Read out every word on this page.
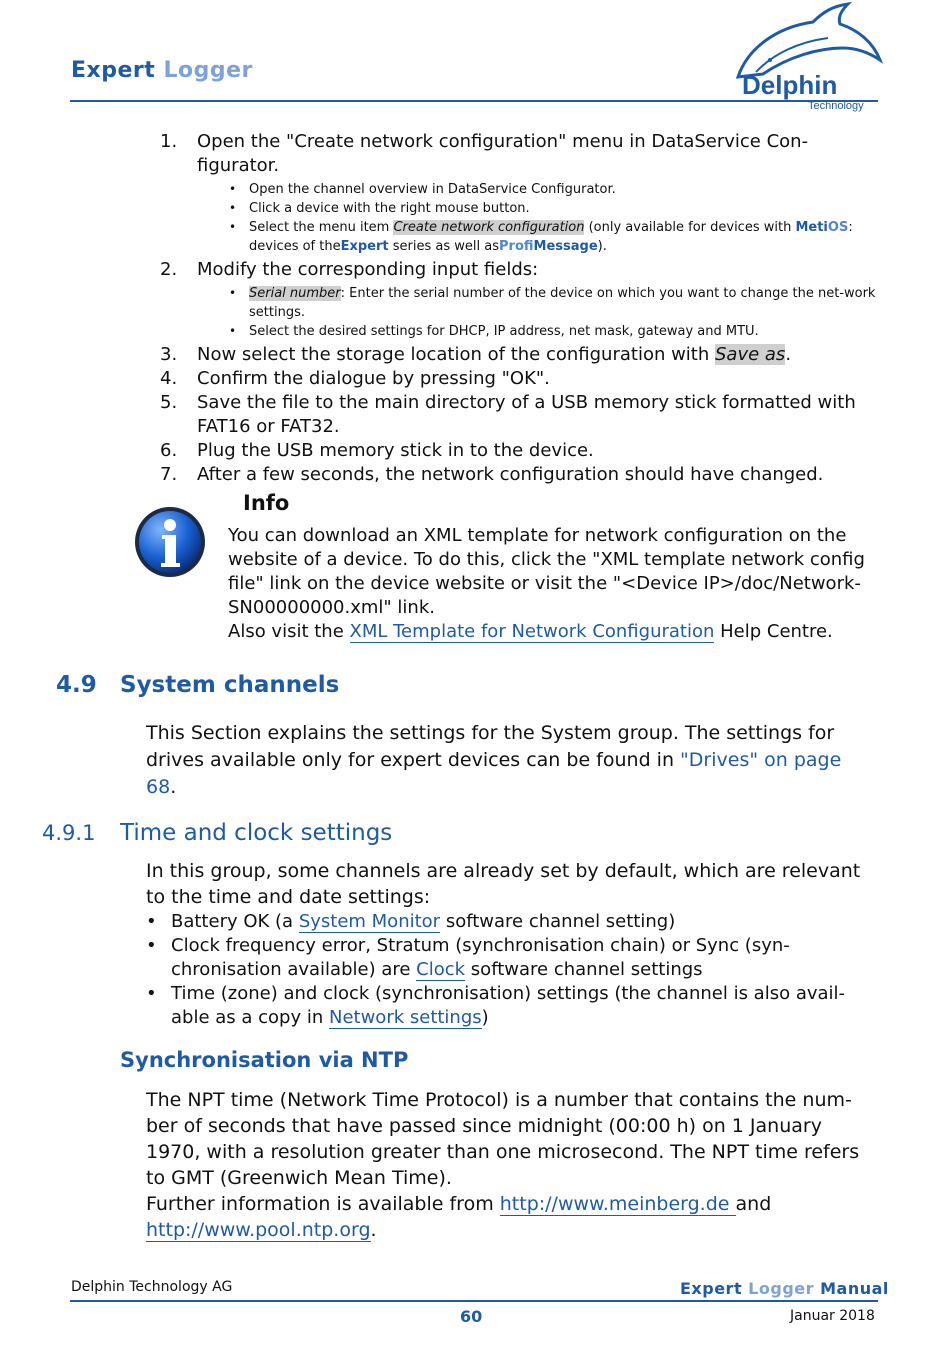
Expert Logger	Delphin
Technology
1. Open the "Create network configuration" menu in DataService Con-figurator.
• Open the channel overview in DataService Configurator.
• Click a device with the right mouse button.
• Select the menu item Create network configuration (only available for devices with MetiOS: devices of theExpert series as well asProfiMessage).
2. Modify the corresponding input fields:
• Serial number: Enter the serial number of the device on which you want to change the net-work settings.
• Select the desired settings for DHCP, IP address, net mask, gateway and MTU.
3. Now select the storage location of the configuration with Save as.
4. Confirm the dialogue by pressing "OK".
5. Save the file to the main directory of a USB memory stick formatted with FAT16 or FAT32.
6. Plug the USB memory stick in to the device.
7. After a few seconds, the network configuration should have changed.
Info
You can download an XML template for network configuration on the website of a device. To do this, click the "XML template network config file" link on the device website or visit the "<Device IP>/doc/Network-SN00000000.xml" link.
Also visit the XML Template for Network Configuration Help Centre.
4.9 System channels
This Section explains the settings for the System group. The settings for drives available only for expert devices can be found in "Drives" on page 68.
4.9.1 Time and clock settings
In this group, some channels are already set by default, which are relevant to the time and date settings:
• Battery OK (a System Monitor software channel setting)
• Clock frequency error, Stratum (synchronisation chain) or Sync (syn-chronisation available) are Clock software channel settings
• Time (zone) and clock (synchronisation) settings (the channel is also avail-able as a copy in Network settings)
Synchronisation via NTP
The NPT time (Network Time Protocol) is a number that contains the num-ber of seconds that have passed since midnight (00:00 h) on 1 January 1970, with a resolution greater than one microsecond. The NPT time refers to GMT (Greenwich Mean Time).
Further information is available from http://www.meinberg.de and http://www.pool.ntp.org.
Delphin Technology AG	Expert Logger Manual
60	Januar 2018
